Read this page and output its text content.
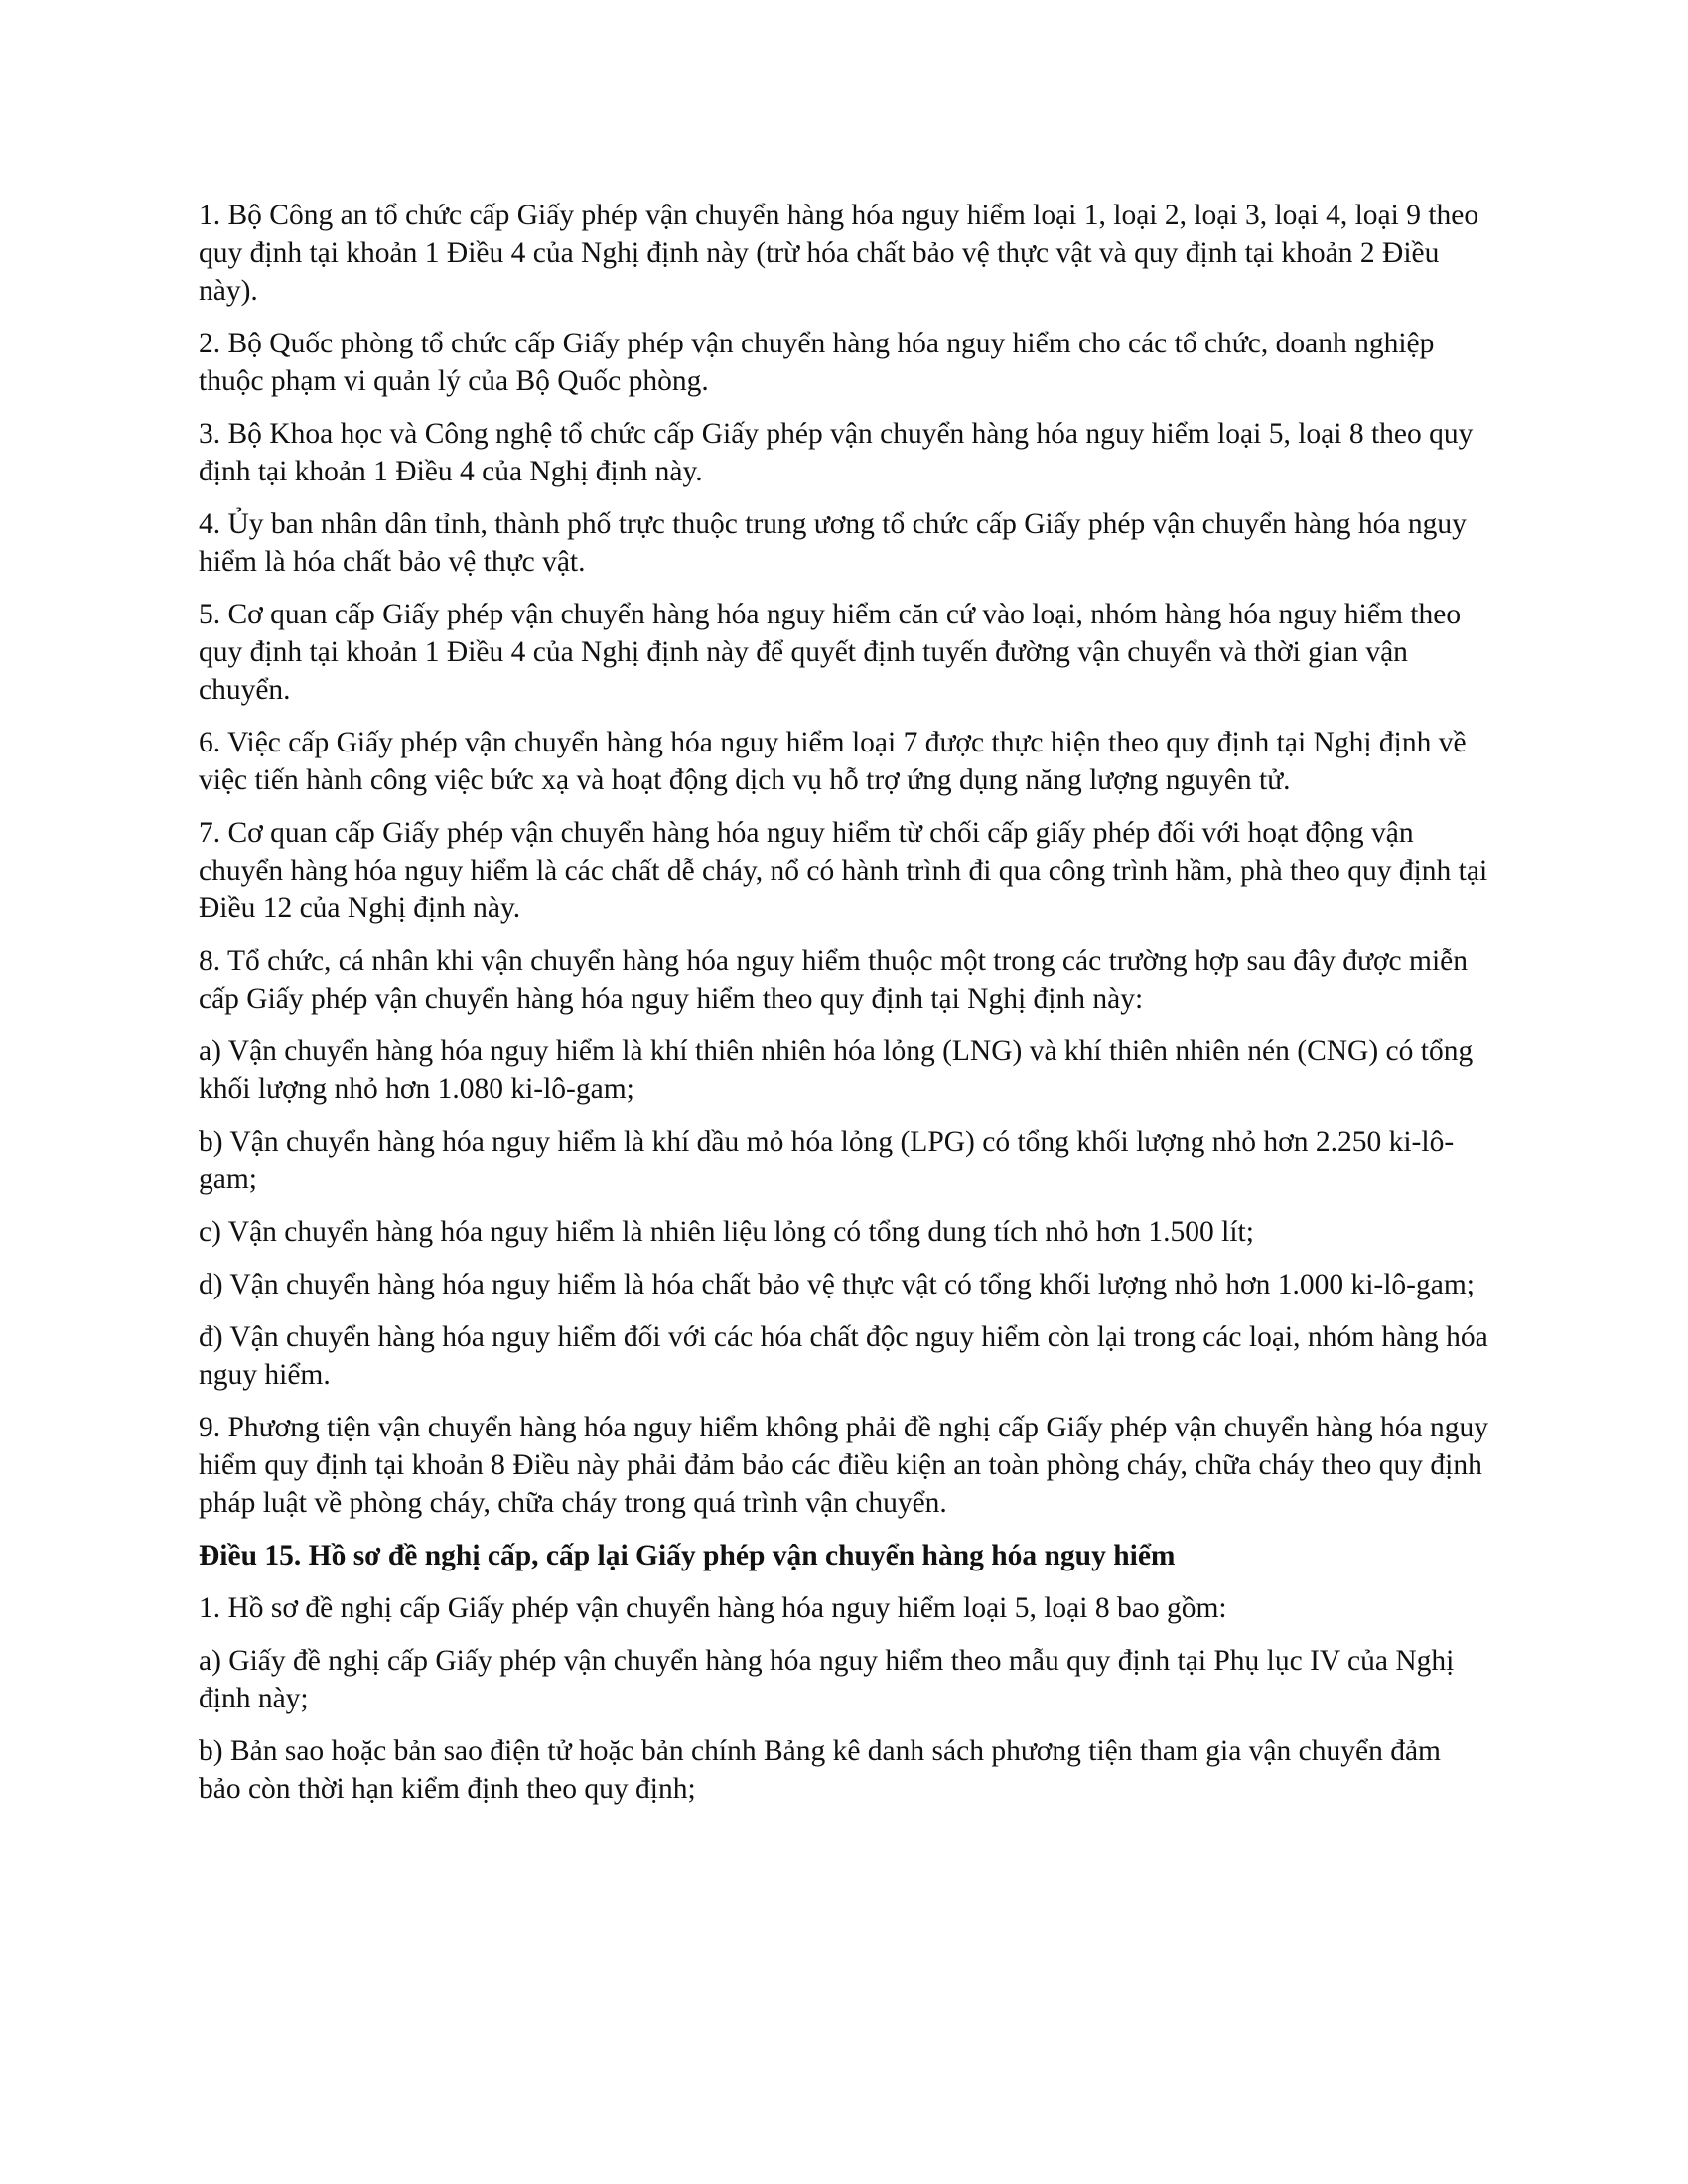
1. Bộ Công an tổ chức cấp Giấy phép vận chuyển hàng hóa nguy hiểm loại 1, loại 2, loại 3, loại 4, loại 9 theo quy định tại khoản 1 Điều 4 của Nghị định này (trừ hóa chất bảo vệ thực vật và quy định tại khoản 2 Điều này).

2. Bộ Quốc phòng tổ chức cấp Giấy phép vận chuyển hàng hóa nguy hiểm cho các tổ chức, doanh nghiệp thuộc phạm vi quản lý của Bộ Quốc phòng.

3. Bộ Khoa học và Công nghệ tổ chức cấp Giấy phép vận chuyển hàng hóa nguy hiểm loại 5, loại 8 theo quy định tại khoản 1 Điều 4 của Nghị định này.

4. Ủy ban nhân dân tỉnh, thành phố trực thuộc trung ương tổ chức cấp Giấy phép vận chuyển hàng hóa nguy hiểm là hóa chất bảo vệ thực vật.

5. Cơ quan cấp Giấy phép vận chuyển hàng hóa nguy hiểm căn cứ vào loại, nhóm hàng hóa nguy hiểm theo quy định tại khoản 1 Điều 4 của Nghị định này để quyết định tuyến đường vận chuyển và thời gian vận chuyển.

6. Việc cấp Giấy phép vận chuyển hàng hóa nguy hiểm loại 7 được thực hiện theo quy định tại Nghị định về việc tiến hành công việc bức xạ và hoạt động dịch vụ hỗ trợ ứng dụng năng lượng nguyên tử.

7. Cơ quan cấp Giấy phép vận chuyển hàng hóa nguy hiểm từ chối cấp giấy phép đối với hoạt động vận chuyển hàng hóa nguy hiểm là các chất dễ cháy, nổ có hành trình đi qua công trình hầm, phà theo quy định tại Điều 12 của Nghị định này.

8. Tổ chức, cá nhân khi vận chuyển hàng hóa nguy hiểm thuộc một trong các trường hợp sau đây được miễn cấp Giấy phép vận chuyển hàng hóa nguy hiểm theo quy định tại Nghị định này:

a) Vận chuyển hàng hóa nguy hiểm là khí thiên nhiên hóa lỏng (LNG) và khí thiên nhiên nén (CNG) có tổng khối lượng nhỏ hơn 1.080 ki-lô-gam;

b) Vận chuyển hàng hóa nguy hiểm là khí dầu mỏ hóa lỏng (LPG) có tổng khối lượng nhỏ hơn 2.250 ki-lô-gam;

c) Vận chuyển hàng hóa nguy hiểm là nhiên liệu lỏng có tổng dung tích nhỏ hơn 1.500 lít;

d) Vận chuyển hàng hóa nguy hiểm là hóa chất bảo vệ thực vật có tổng khối lượng nhỏ hơn 1.000 ki-lô-gam;

đ) Vận chuyển hàng hóa nguy hiểm đối với các hóa chất độc nguy hiểm còn lại trong các loại, nhóm hàng hóa nguy hiểm.

9. Phương tiện vận chuyển hàng hóa nguy hiểm không phải đề nghị cấp Giấy phép vận chuyển hàng hóa nguy hiểm quy định tại khoản 8 Điều này phải đảm bảo các điều kiện an toàn phòng cháy, chữa cháy theo quy định pháp luật về phòng cháy, chữa cháy trong quá trình vận chuyển.

Điều 15. Hồ sơ đề nghị cấp, cấp lại Giấy phép vận chuyển hàng hóa nguy hiểm

1. Hồ sơ đề nghị cấp Giấy phép vận chuyển hàng hóa nguy hiểm loại 5, loại 8 bao gồm:

a) Giấy đề nghị cấp Giấy phép vận chuyển hàng hóa nguy hiểm theo mẫu quy định tại Phụ lục IV của Nghị định này;

b) Bản sao hoặc bản sao điện tử hoặc bản chính Bảng kê danh sách phương tiện tham gia vận chuyển đảm bảo còn thời hạn kiểm định theo quy định;
